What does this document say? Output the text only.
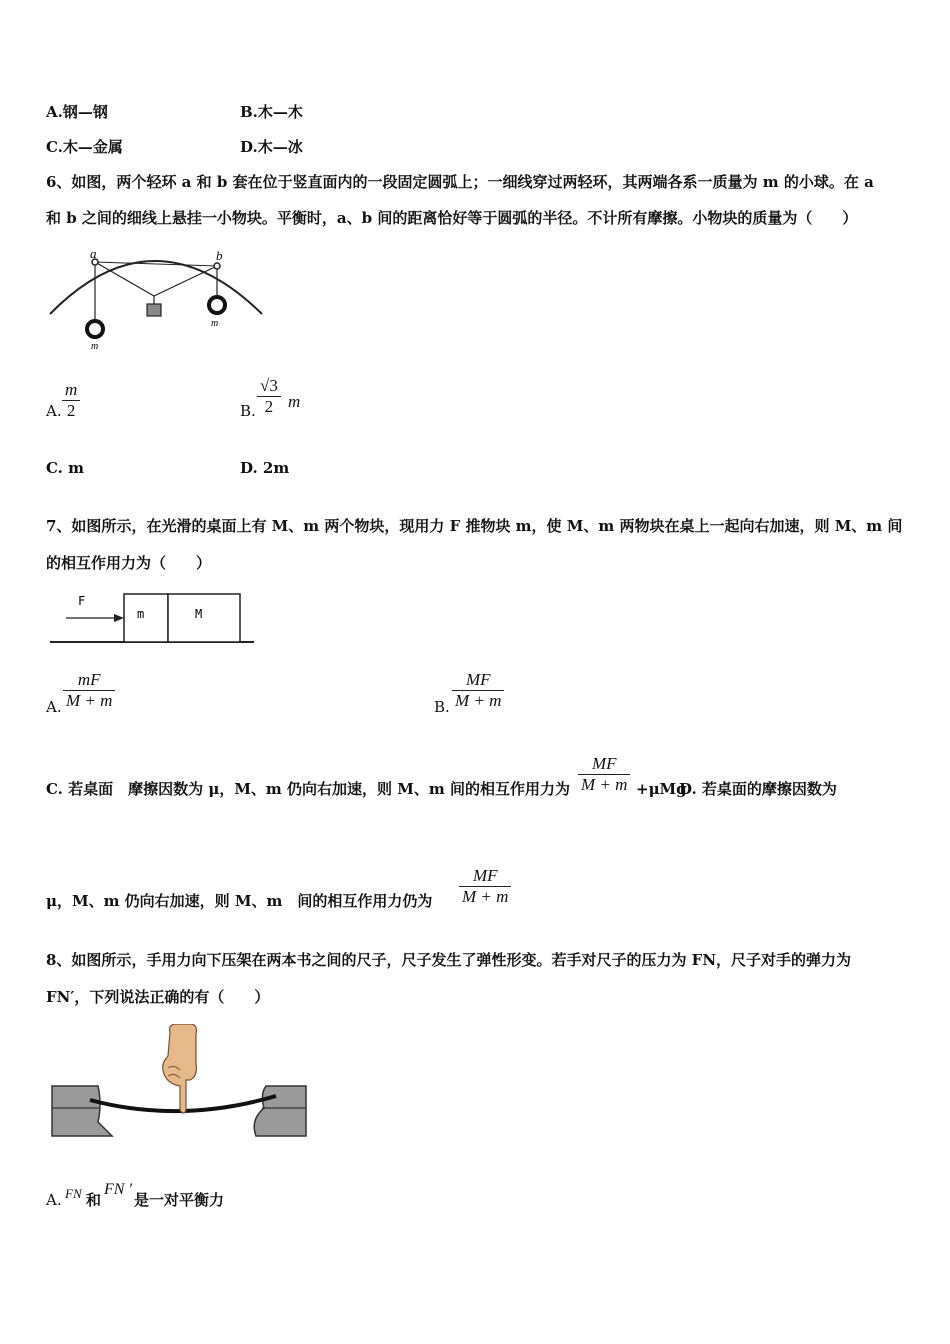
A.钢—钢	B.木—木
C.木—金属	D.木—冰
6、如图，两个轻环 a 和 b 套在位于竖直面内的一段固定圆弧上；一细线穿过两轻环，其两端各系一质量为 m 的小球。在 a
和 b 之间的细线上悬挂一小物块。平衡时，a、b 间的距离恰好等于圆弧的半径。不计所有摩擦。小物块的质量为（　　）
a	b
m
m
A.
m
2	B.
√3
2 m
C. m	D. 2m
7、如图所示，在光滑的桌面上有 M、m 两个物块，现用力 F 推物块 m，使 M、m 两物块在桌上一起向右加速，则 M、m 间
的相互作用力为（　　）
F
m	M
A.
mF
M + m	B.
MF
M + m
C. 若桌面　摩擦因数为 μ，M、m 仍向右加速，则 M、m 间的相互作用力为
MF
M + m +μMg
D. 若桌面的摩擦因数为
μ，M、m 仍向右加速，则 M、m　间的相互作用力仍为
MF
M + m
8、如图所示，手用力向下压架在两本书之间的尺子，尺子发生了弹性形变。若手对尺子的压力为 FN，尺子对手的弹力为
FN′，下列说法正确的有（　　）
A. FN 和
FN '
是一对平衡力
